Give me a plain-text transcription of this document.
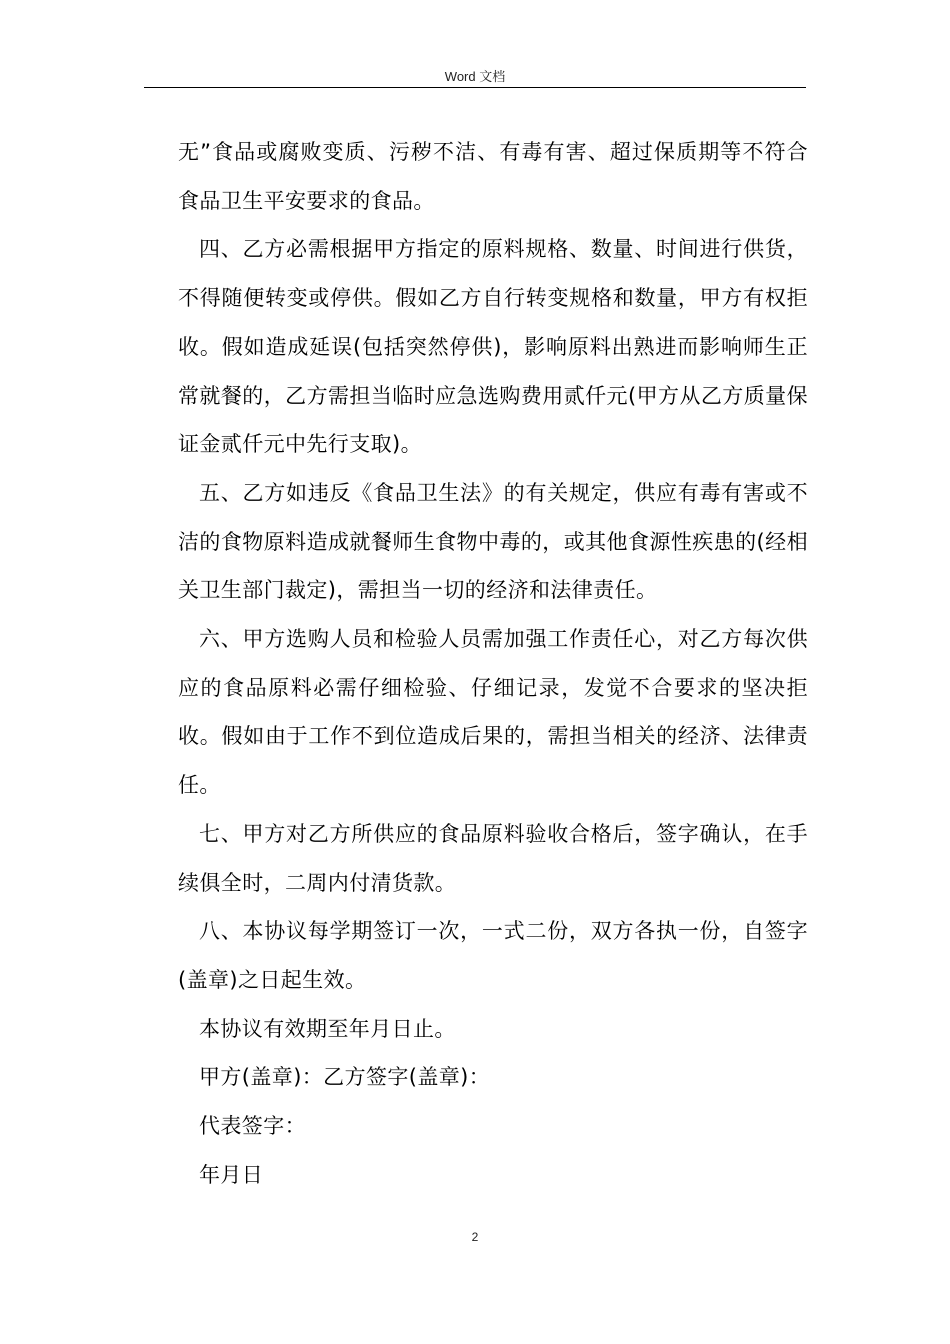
Word 文档

无”食品或腐败变质、污秽不洁、有毒有害、超过保质期等不符合食品卫生平安要求的食品。

四、乙方必需根据甲方指定的原料规格、数量、时间进行供货，不得随便转变或停供。假如乙方自行转变规格和数量，甲方有权拒收。假如造成延误(包括突然停供)，影响原料出熟进而影响师生正常就餐的，乙方需担当临时应急选购费用贰仟元(甲方从乙方质量保证金贰仟元中先行支取)。

五、乙方如违反《食品卫生法》的有关规定，供应有毒有害或不洁的食物原料造成就餐师生食物中毒的，或其他食源性疾患的(经相关卫生部门裁定)，需担当一切的经济和法律责任。

六、甲方选购人员和检验人员需加强工作责任心，对乙方每次供应的食品原料必需仔细检验、仔细记录，发觉不合要求的坚决拒收。假如由于工作不到位造成后果的，需担当相关的经济、法律责任。

七、甲方对乙方所供应的食品原料验收合格后，签字确认，在手续俱全时，二周内付清货款。

八、本协议每学期签订一次，一式二份，双方各执一份，自签字(盖章)之日起生效。

本协议有效期至年月日止。

甲方(盖章)：乙方签字(盖章)：

代表签字：

年月日

2
